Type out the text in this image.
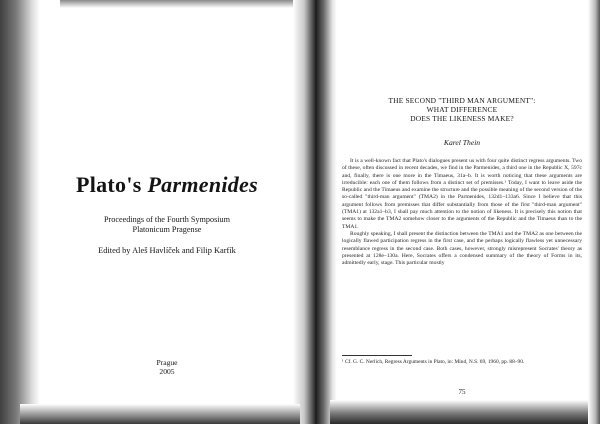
Plato's Parmenides
Proceedings of the Fourth Symposium
Platonicum Pragense
Edited by Aleš Havlíček and Filip Karfík
Prague
2005
THE SECOND "THIRD MAN ARGUMENT":
WHAT DIFFERENCE
DOES THE LIKENESS MAKE?
Karel Thein

It is a well-known fact that Plato's dialogues present us with four quite distinct regress arguments. Two of these, often discussed in recent decades, we find in the Parmenides, a third one in the Republic X, 597c and, finally, there is one more in the Timaeus, 31a–b. It is worth noticing that these arguments are irreducible: each one of them follows from a distinct set of premisses.¹ Today, I want to leave aside the Republic and the Timaeus and examine the structure and the possible meaning of the second version of the so-called "third-man argument" (TMA2) in the Parmenides, 132d1–133a6. Since I believe that this argument follows from premisses that differ substantially from those of the first "third-man argument" (TMA1) at 132a1–b3, I shall pay much attention to the notion of likeness. It is precisely this notion that seems to make the TMA2 somehow closer to the arguments of the Republic and the Timaeus than to the TMA1.

Roughly speaking, I shall present the distinction between the TMA1 and the TMA2 as one between the logically flawed participation regress in the first case, and the perhaps logically flawless yet unnecessary resemblance regress in the second case. Both cases, however, strongly misrepresent Socrates' theory as presented at 128e–130a. Here, Socrates offers a condensed summary of the theory of Forms in its, admittedly early, stage. This particular mostly

¹ Cf. G. C. Nerlich, Regress Arguments in Plato, in: Mind, N.S. 69, 1960, pp. 88–90.
75
